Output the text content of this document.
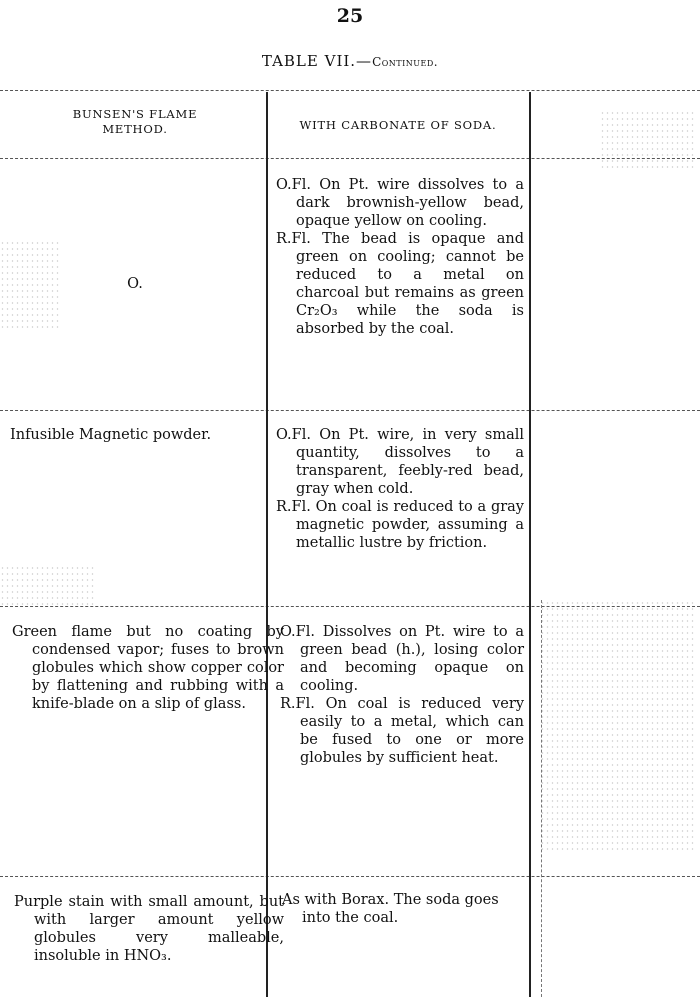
25
TABLE VII.—Continued.
BUNSEN'S FLAME
METHOD.	WITH CARBONATE OF SODA.
O.

O.Fl. On Pt. wire dissolves to a dark brownish-yellow bead, opaque yellow on cooling.

R.Fl. The bead is opaque and green on cooling; cannot be reduced to a metal on charcoal but remains as green Cr₂O₃ while the soda is absorbed by the coal.

Infusible Magnetic powder.	O.Fl. On Pt. wire, in very small quantity, dissolves to a transparent, feebly-red bead, gray when cold.

R.Fl. On coal is reduced to a gray magnetic powder, assuming a metallic lustre by friction.

Green flame but no coating by condensed vapor; fuses to brown globules which show copper color by flattening and rubbing with a knife-blade on a slip of glass.

O.Fl. Dissolves on Pt. wire to a green bead (h.), losing color and becoming opaque on cooling.

R.Fl. On coal is reduced very easily to a metal, which can be fused to one or more globules by sufficient heat.

Purple stain with small amount, but with larger amount yellow globules very malleable, insoluble in HNO₃.

As with Borax. The soda goes into the coal.
